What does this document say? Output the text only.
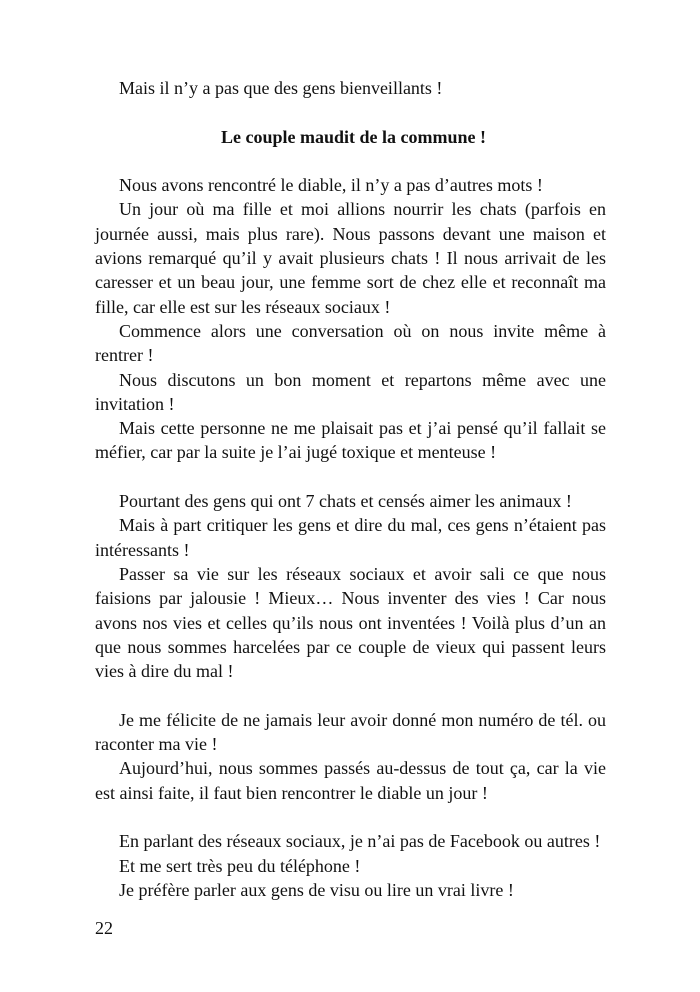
Mais il n’y a pas que des gens bienveillants !

Le couple maudit de la commune !

Nous avons rencontré le diable, il n’y a pas d’autres mots !

Un jour où ma fille et moi allions nourrir les chats (parfois en journée aussi, mais plus rare). Nous passons devant une maison et avions remarqué qu’il y avait plusieurs chats ! Il nous arrivait de les caresser et un beau jour, une femme sort de chez elle et reconnaît ma fille, car elle est sur les réseaux sociaux !

Commence alors une conversation où on nous invite même à rentrer !

Nous discutons un bon moment et repartons même avec une invitation !

Mais cette personne ne me plaisait pas et j’ai pensé qu’il fallait se méfier, car par la suite je l’ai jugé toxique et menteuse !

Pourtant des gens qui ont 7 chats et censés aimer les animaux !

Mais à part critiquer les gens et dire du mal, ces gens n’étaient pas intéressants !

Passer sa vie sur les réseaux sociaux et avoir sali ce que nous faisions par jalousie ! Mieux… Nous inventer des vies ! Car nous avons nos vies et celles qu’ils nous ont inventées ! Voilà plus d’un an que nous sommes harcelées par ce couple de vieux qui passent leurs vies à dire du mal !

Je me félicite de ne jamais leur avoir donné mon numéro de tél. ou raconter ma vie !

Aujourd’hui, nous sommes passés au-dessus de tout ça, car la vie est ainsi faite, il faut bien rencontrer le diable un jour !

En parlant des réseaux sociaux, je n’ai pas de Facebook ou autres !

Et me sert très peu du téléphone !

Je préfère parler aux gens de visu ou lire un vrai livre !

22
